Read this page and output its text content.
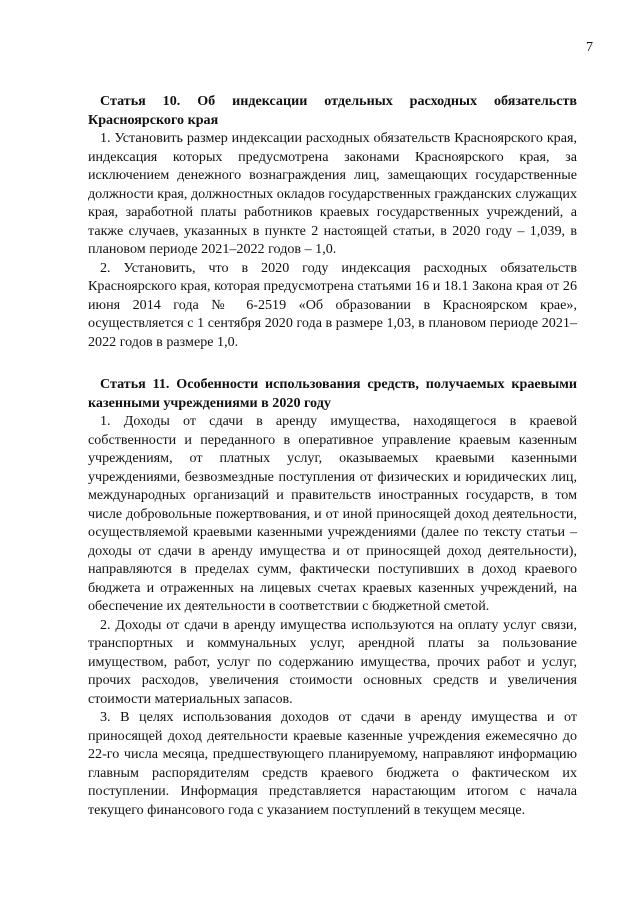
7

Статья 10. Об индексации отдельных расходных обязательств Красноярского края

1. Установить размер индексации расходных обязательств Красноярского края, индексация которых предусмотрена законами Красноярского края, за исключением денежного вознаграждения лиц, замещающих государственные должности края, должностных окладов государственных гражданских служащих края, заработной платы работников краевых государственных учреждений, а также случаев, указанных в пункте 2 настоящей статьи, в 2020 году – 1,039, в плановом периоде 2021–2022 годов – 1,0.

2. Установить, что в 2020 году индексация расходных обязательств Красноярского края, которая предусмотрена статьями 16 и 18.1 Закона края от 26 июня 2014 года № 6-2519 «Об образовании в Красноярском крае», осуществляется с 1 сентября 2020 года в размере 1,03, в плановом периоде 2021–2022 годов в размере 1,0.

Статья 11. Особенности использования средств, получаемых краевыми казенными учреждениями в 2020 году

1. Доходы от сдачи в аренду имущества, находящегося в краевой собственности и переданного в оперативное управление краевым казенным учреждениям, от платных услуг, оказываемых краевыми казенными учреждениями, безвозмездные поступления от физических и юридических лиц, международных организаций и правительств иностранных государств, в том числе добровольные пожертвования, и от иной приносящей доход деятельности, осуществляемой краевыми казенными учреждениями (далее по тексту статьи – доходы от сдачи в аренду имущества и от приносящей доход деятельности), направляются в пределах сумм, фактически поступивших в доход краевого бюджета и отраженных на лицевых счетах краевых казенных учреждений, на обеспечение их деятельности в соответствии с бюджетной сметой.

2. Доходы от сдачи в аренду имущества используются на оплату услуг связи, транспортных и коммунальных услуг, арендной платы за пользование имуществом, работ, услуг по содержанию имущества, прочих работ и услуг, прочих расходов, увеличения стоимости основных средств и увеличения стоимости материальных запасов.

3. В целях использования доходов от сдачи в аренду имущества и от приносящей доход деятельности краевые казенные учреждения ежемесячно до 22-го числа месяца, предшествующего планируемому, направляют информацию главным распорядителям средств краевого бюджета о фактическом их поступлении. Информация представляется нарастающим итогом с начала текущего финансового года с указанием поступлений в текущем месяце.
